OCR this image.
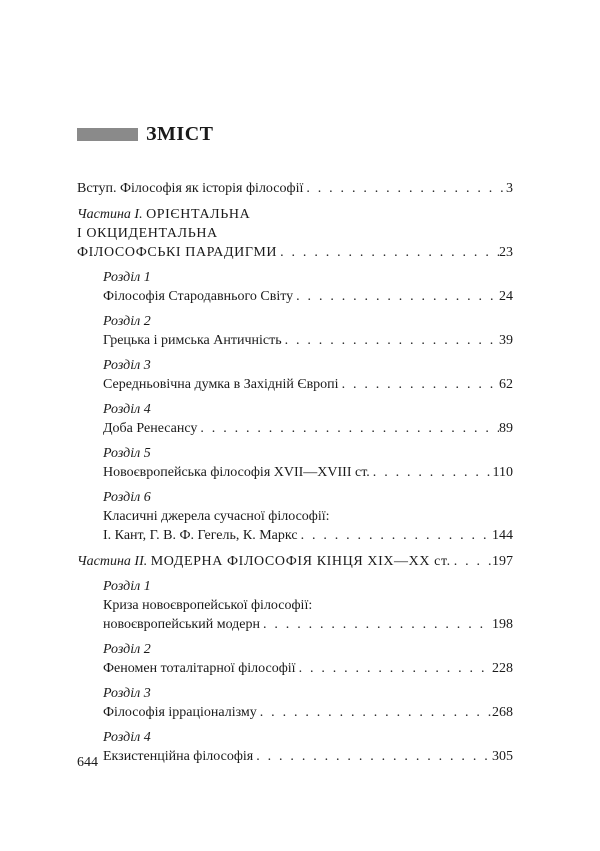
ЗМІСТ
Вступ. Філософія як історія філософії . . .	3
Частина І. ОРІЄНТАЛЬНА
І ОКЦИДЕНТАЛЬНА
ФІЛОСОФСЬКІ ПАРАДИГМИ . . .	23
Розділ 1
Філософія Стародавнього Світу . . .	24
Розділ 2
Грецька і римська Античність . . .	39
Розділ 3
Середньовічна думка в Західній Європі . . .	62
Розділ 4
Доба Ренесансу . . .	89
Розділ 5
Новоєвропейська філософія XVII—XVIII ст. . . .	110
Розділ 6
Класичні джерела сучасної філософії:
І. Кант, Г. В. Ф. Гегель, К. Маркс . . .	144
Частина ІІ. МОДЕРНА ФІЛОСОФІЯ КІНЦЯ XIX—XX ст. . . .	197
Розділ 1
Криза новоєвропейської філософії:
новоєвропейський модерн . . .	198
Розділ 2
Феномен тоталітарної філософії . . .	228
Розділ 3
Філософія ірраціоналізму . . .	268
Розділ 4
Екзистенційна філософія . . .	305
644
